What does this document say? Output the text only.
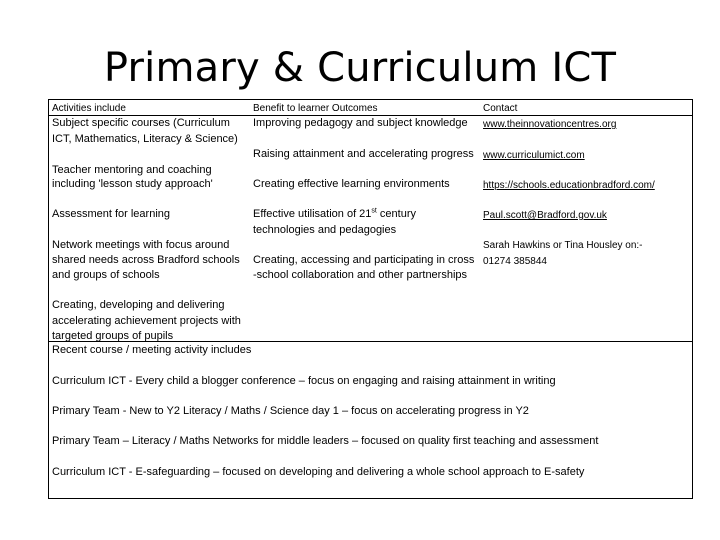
Primary & Curriculum ICT
Activities include	Benefit to learner Outcomes	Contact
Subject specific courses (Curriculum
ICT, Mathematics, Literacy & Science)
Teacher mentoring and coaching
including 'lesson study approach'
Assessment for learning
Network meetings with focus around
shared needs across Bradford schools
and groups of schools
Creating, developing and delivering
accelerating achievement projects with
targeted groups of pupils
Improving pedagogy and subject knowledge
Raising attainment and accelerating progress
Creating effective learning environments
Effective utilisation of 21st century
technologies and pedagogies
Creating, accessing and participating in cross
-school collaboration and other partnerships
www.theinnovationcentres.org
www.curriculumict.com
https://schools.educationbradford.com/
Paul.scott@Bradford.gov.uk
Sarah Hawkins or Tina Housley on:-
01274 385844
Recent course / meeting activity includes
Curriculum ICT - Every child a blogger conference – focus on engaging and raising attainment in writing
Primary Team - New to Y2 Literacy / Maths / Science day 1 – focus on accelerating progress in Y2
Primary Team – Literacy / Maths Networks for middle leaders – focused on quality first teaching and assessment
Curriculum ICT - E-safeguarding – focused on developing and delivering a whole school approach to E-safety
